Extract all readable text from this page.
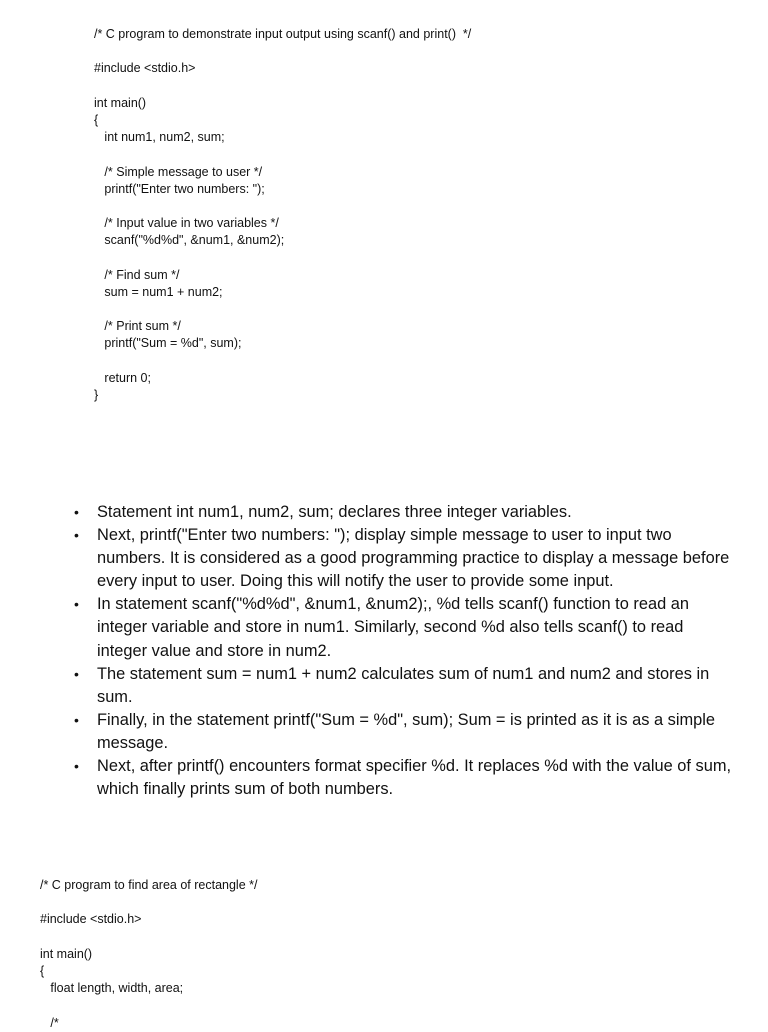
/* C program to demonstrate input output using scanf() and print()  */
#include <stdio.h>
int main()
{
int num1, num2, sum;
/* Simple message to user */
printf("Enter two numbers: ");
/* Input value in two variables */
scanf("%d%d", &num1, &num2);
/* Find sum */
sum = num1 + num2;
/* Print sum */
printf("Sum = %d", sum);
return 0;
}
• Statement int num1, num2, sum; declares three integer variables.
• Next, printf("Enter two numbers: "); display simple message to user to input two numbers. It is considered as a good programming practice to display a message before every input to user. Doing this will notify the user to provide some input.
• In statement scanf("%d%d", &num1, &num2);, %d tells scanf() function to read an integer variable and store in num1. Similarly, second %d also tells scanf() to read integer value and store in num2.
• The statement sum = num1 + num2 calculates sum of num1 and num2 and stores in sum.
• Finally, in the statement printf("Sum = %d", sum); Sum = is printed as it is as a simple message.
• Next, after printf() encounters format specifier %d. It replaces %d with the value of sum, which finally prints sum of both numbers.
/* C program to find area of rectangle */
#include <stdio.h>
int main()
{
float length, width, area;
/*
